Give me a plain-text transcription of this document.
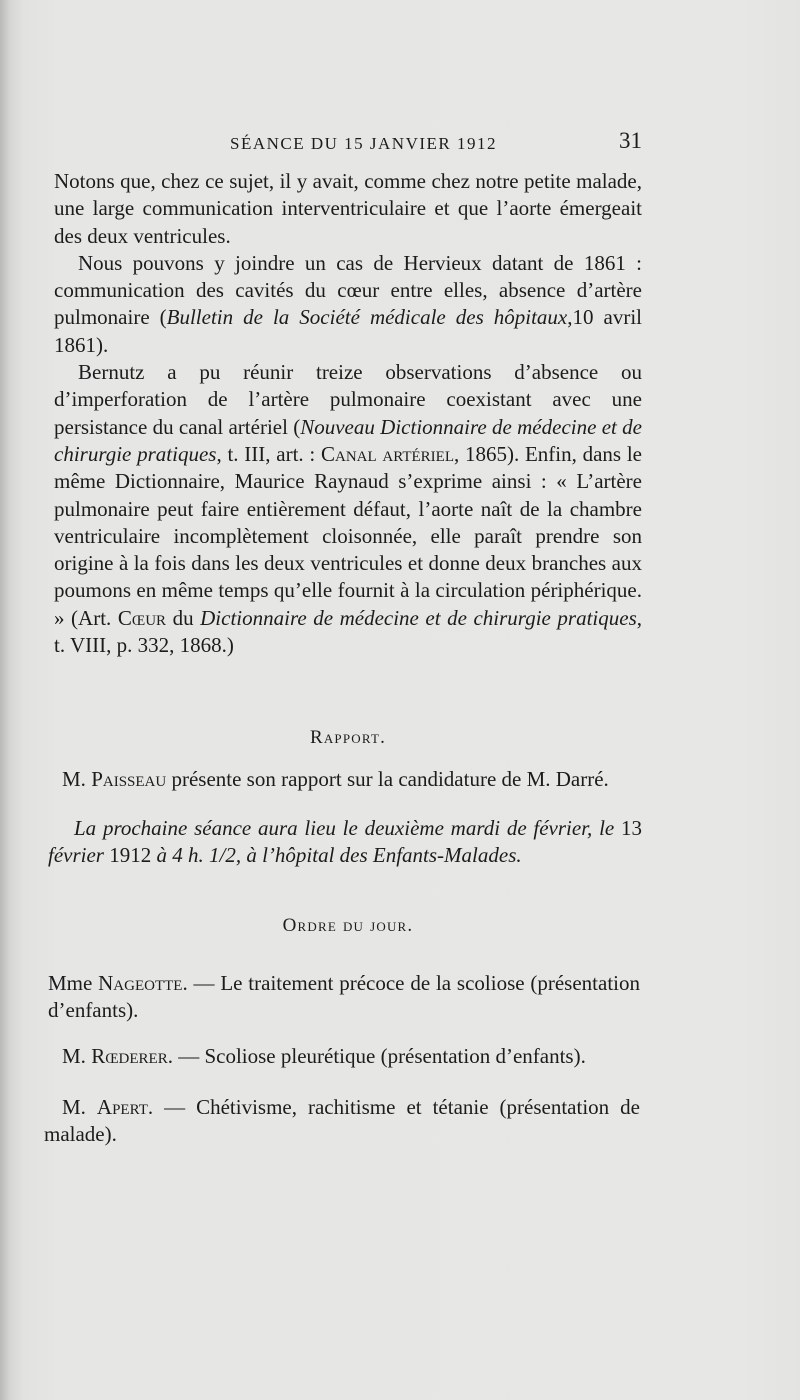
SÉANCE DU 15 JANVIER 1912	31

Notons que, chez ce sujet, il y avait, comme chez notre petite malade, une large communication interventriculaire et que l’aorte émergeait des deux ventricules.

Nous pouvons y joindre un cas de Hervieux datant de 1861 : communication des cavités du cœur entre elles, absence d’artère pulmonaire (Bulletin de la Société médicale des hôpitaux,10 avril 1861).

Bernutz a pu réunir treize observations d’absence ou d’imperforation de l’artère pulmonaire coexistant avec une persistance du canal artériel (Nouveau Dictionnaire de médecine et de chirurgie pratiques, t. III, art. : Canal artériel, 1865). Enfin, dans le même Dictionnaire, Maurice Raynaud s’exprime ainsi : « L’artère pulmonaire peut faire entièrement défaut, l’aorte naît de la chambre ventriculaire incomplètement cloisonnée, elle paraît prendre son origine à la fois dans les deux ventricules et donne deux branches aux poumons en même temps qu’elle fournit à la circulation périphérique. » (Art. Cœur du Dictionnaire de médecine et de chirurgie pratiques, t. VIII, p. 332, 1868.)

Rapport.

M. Paisseau présente son rapport sur la candidature de M. Darré.

La prochaine séance aura lieu le deuxième mardi de février, le 13 février 1912 à 4 h. 1/2, à l’hôpital des Enfants-Malades.

Ordre du jour.

Mme Nageotte. — Le traitement précoce de la scoliose (présentation d’enfants).

M. Rœderer. — Scoliose pleurétique (présentation d’enfants).

M. Apert. — Chétivisme, rachitisme et tétanie (présentation de malade).
